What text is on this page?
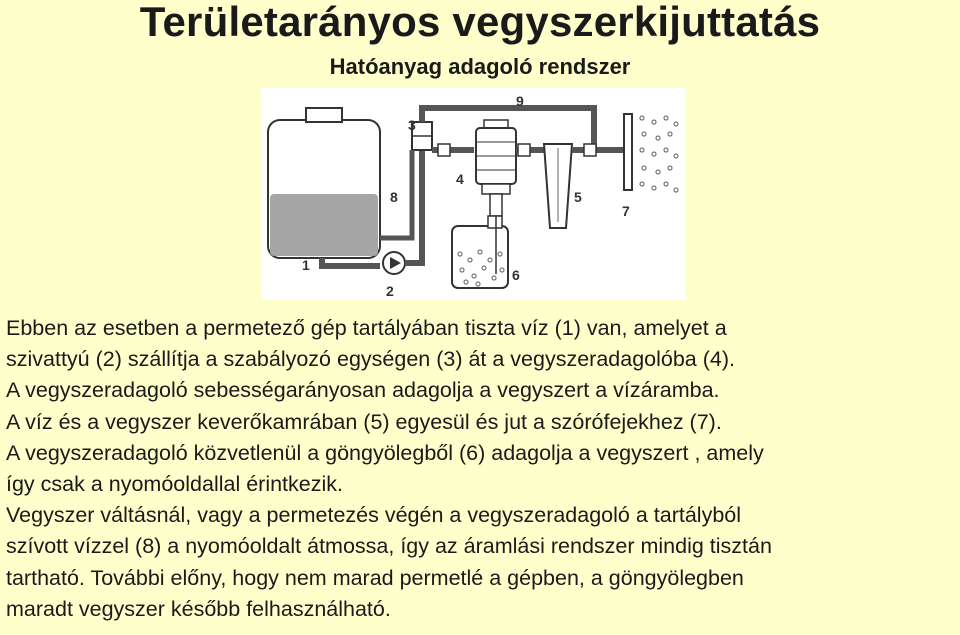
Területarányos vegyszerkijuttatás
Hatóanyag adagoló rendszer
1
2
3
4
5
6
7
8
9

Ebben az esetben a permetező gép tartályában tiszta víz (1) van, amelyet a
szivattyú (2) szállítja a szabályozó egységen (3) át a vegyszeradagolóba (4).
A vegyszeradagoló sebességarányosan adagolja a vegyszert a vízáramba.
A víz és a vegyszer keverőkamrában (5) egyesül és jut a szórófejekhez (7).
A vegyszeradagoló közvetlenül a göngyölegből (6) adagolja a vegyszert , amely
így csak a nyomóoldallal érintkezik.
Vegyszer váltásnál, vagy a permetezés végén a vegyszeradagoló a tartályból
szívott vízzel (8) a nyomóoldalt átmossa, így az áramlási rendszer mindig tisztán
tartható. További előny, hogy nem marad permetlé a gépben, a göngyölegben
maradt vegyszer később felhasználható.
